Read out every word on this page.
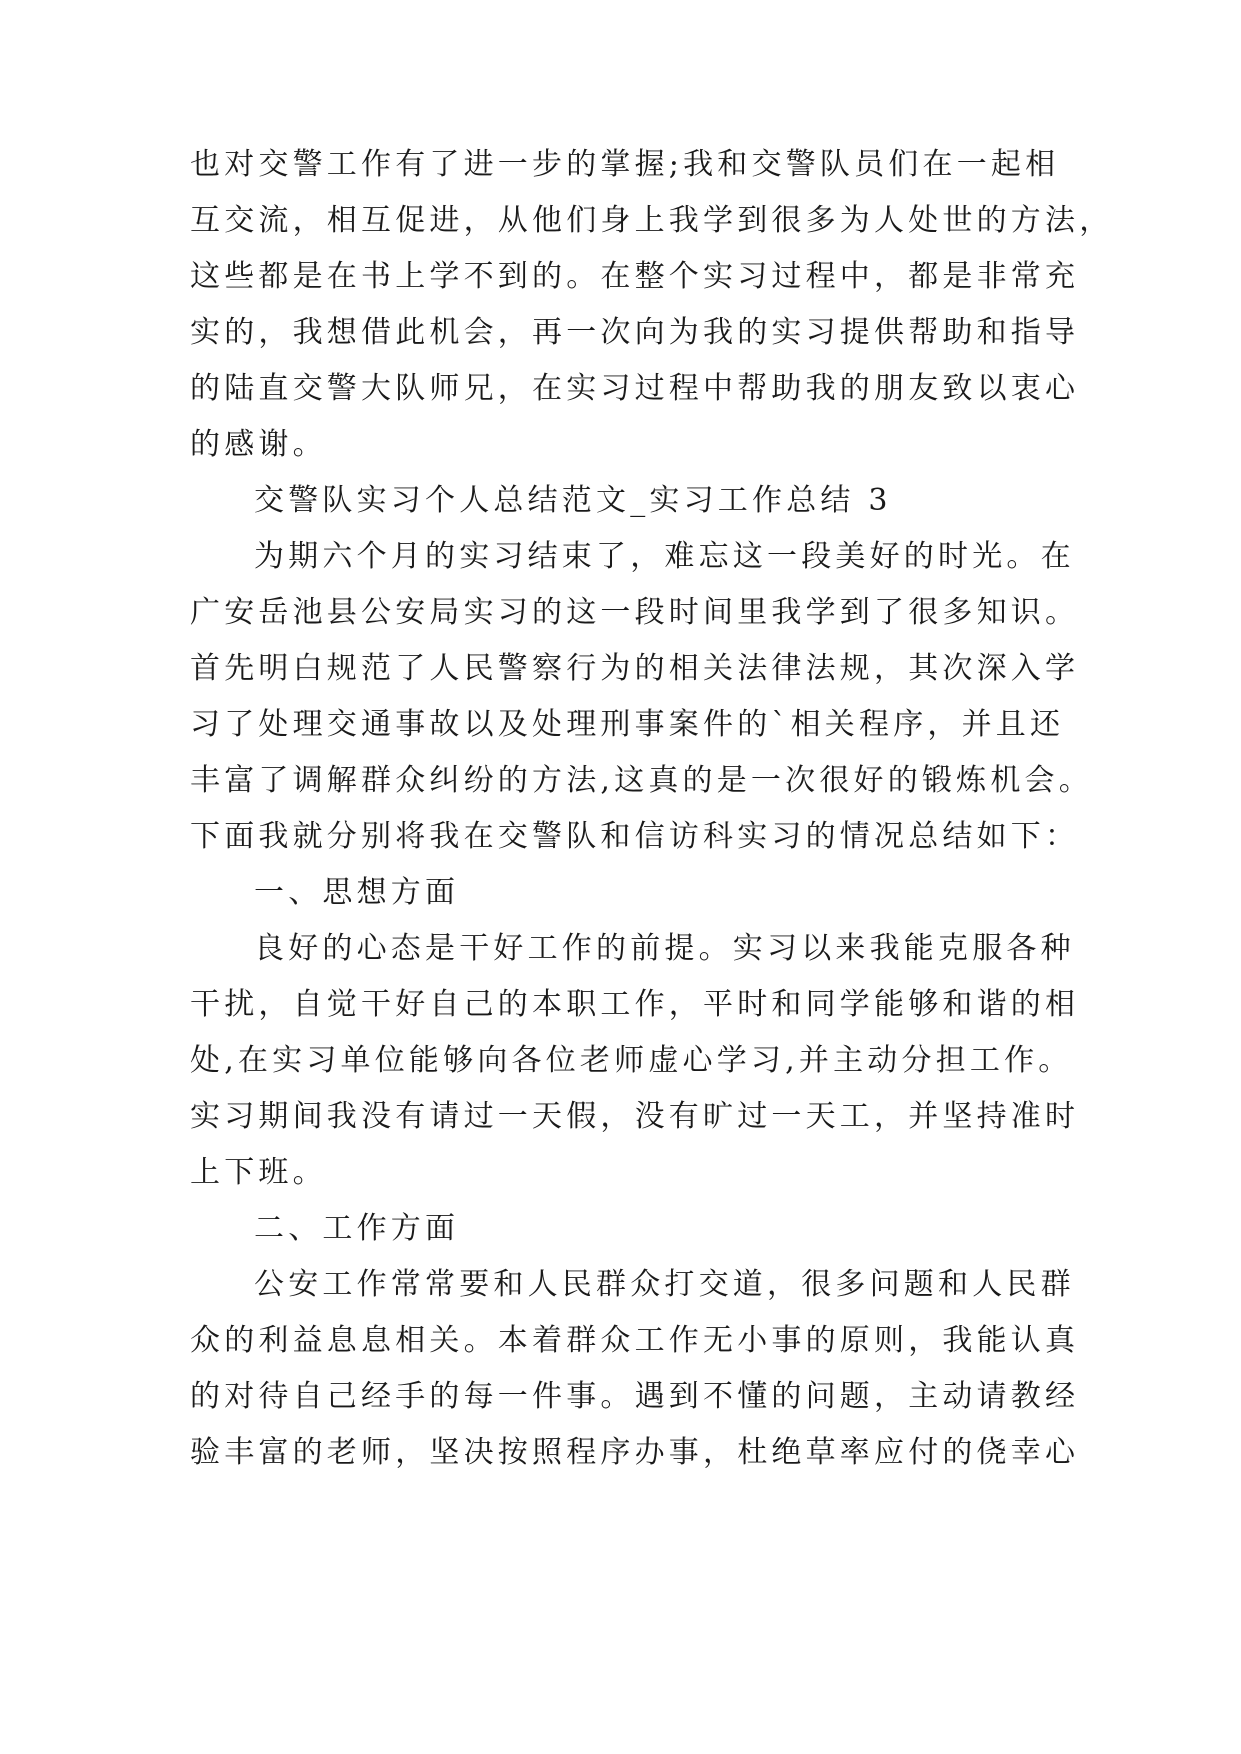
也对交警工作有了进一步的掌握;我和交警队员们在一起相
互交流，相互促进，从他们身上我学到很多为人处世的方法，
这些都是在书上学不到的。在整个实习过程中，都是非常充
实的，我想借此机会，再一次向为我的实习提供帮助和指导
的陆直交警大队师兄，在实习过程中帮助我的朋友致以衷心
的感谢。
交警队实习个人总结范文_实习工作总结 3
为期六个月的实习结束了，难忘这一段美好的时光。在
广安岳池县公安局实习的这一段时间里我学到了很多知识。
首先明白规范了人民警察行为的相关法律法规，其次深入学
习了处理交通事故以及处理刑事案件的`相关程序，并且还
丰富了调解群众纠纷的方法,这真的是一次很好的锻炼机会。
下面我就分别将我在交警队和信访科实习的情况总结如下：
一、思想方面
良好的心态是干好工作的前提。实习以来我能克服各种
干扰，自觉干好自己的本职工作，平时和同学能够和谐的相
处,在实习单位能够向各位老师虚心学习,并主动分担工作。
实习期间我没有请过一天假，没有旷过一天工，并坚持准时
上下班。
二、工作方面
公安工作常常要和人民群众打交道，很多问题和人民群
众的利益息息相关。本着群众工作无小事的原则，我能认真
的对待自己经手的每一件事。遇到不懂的问题，主动请教经
验丰富的老师，坚决按照程序办事，杜绝草率应付的侥幸心
